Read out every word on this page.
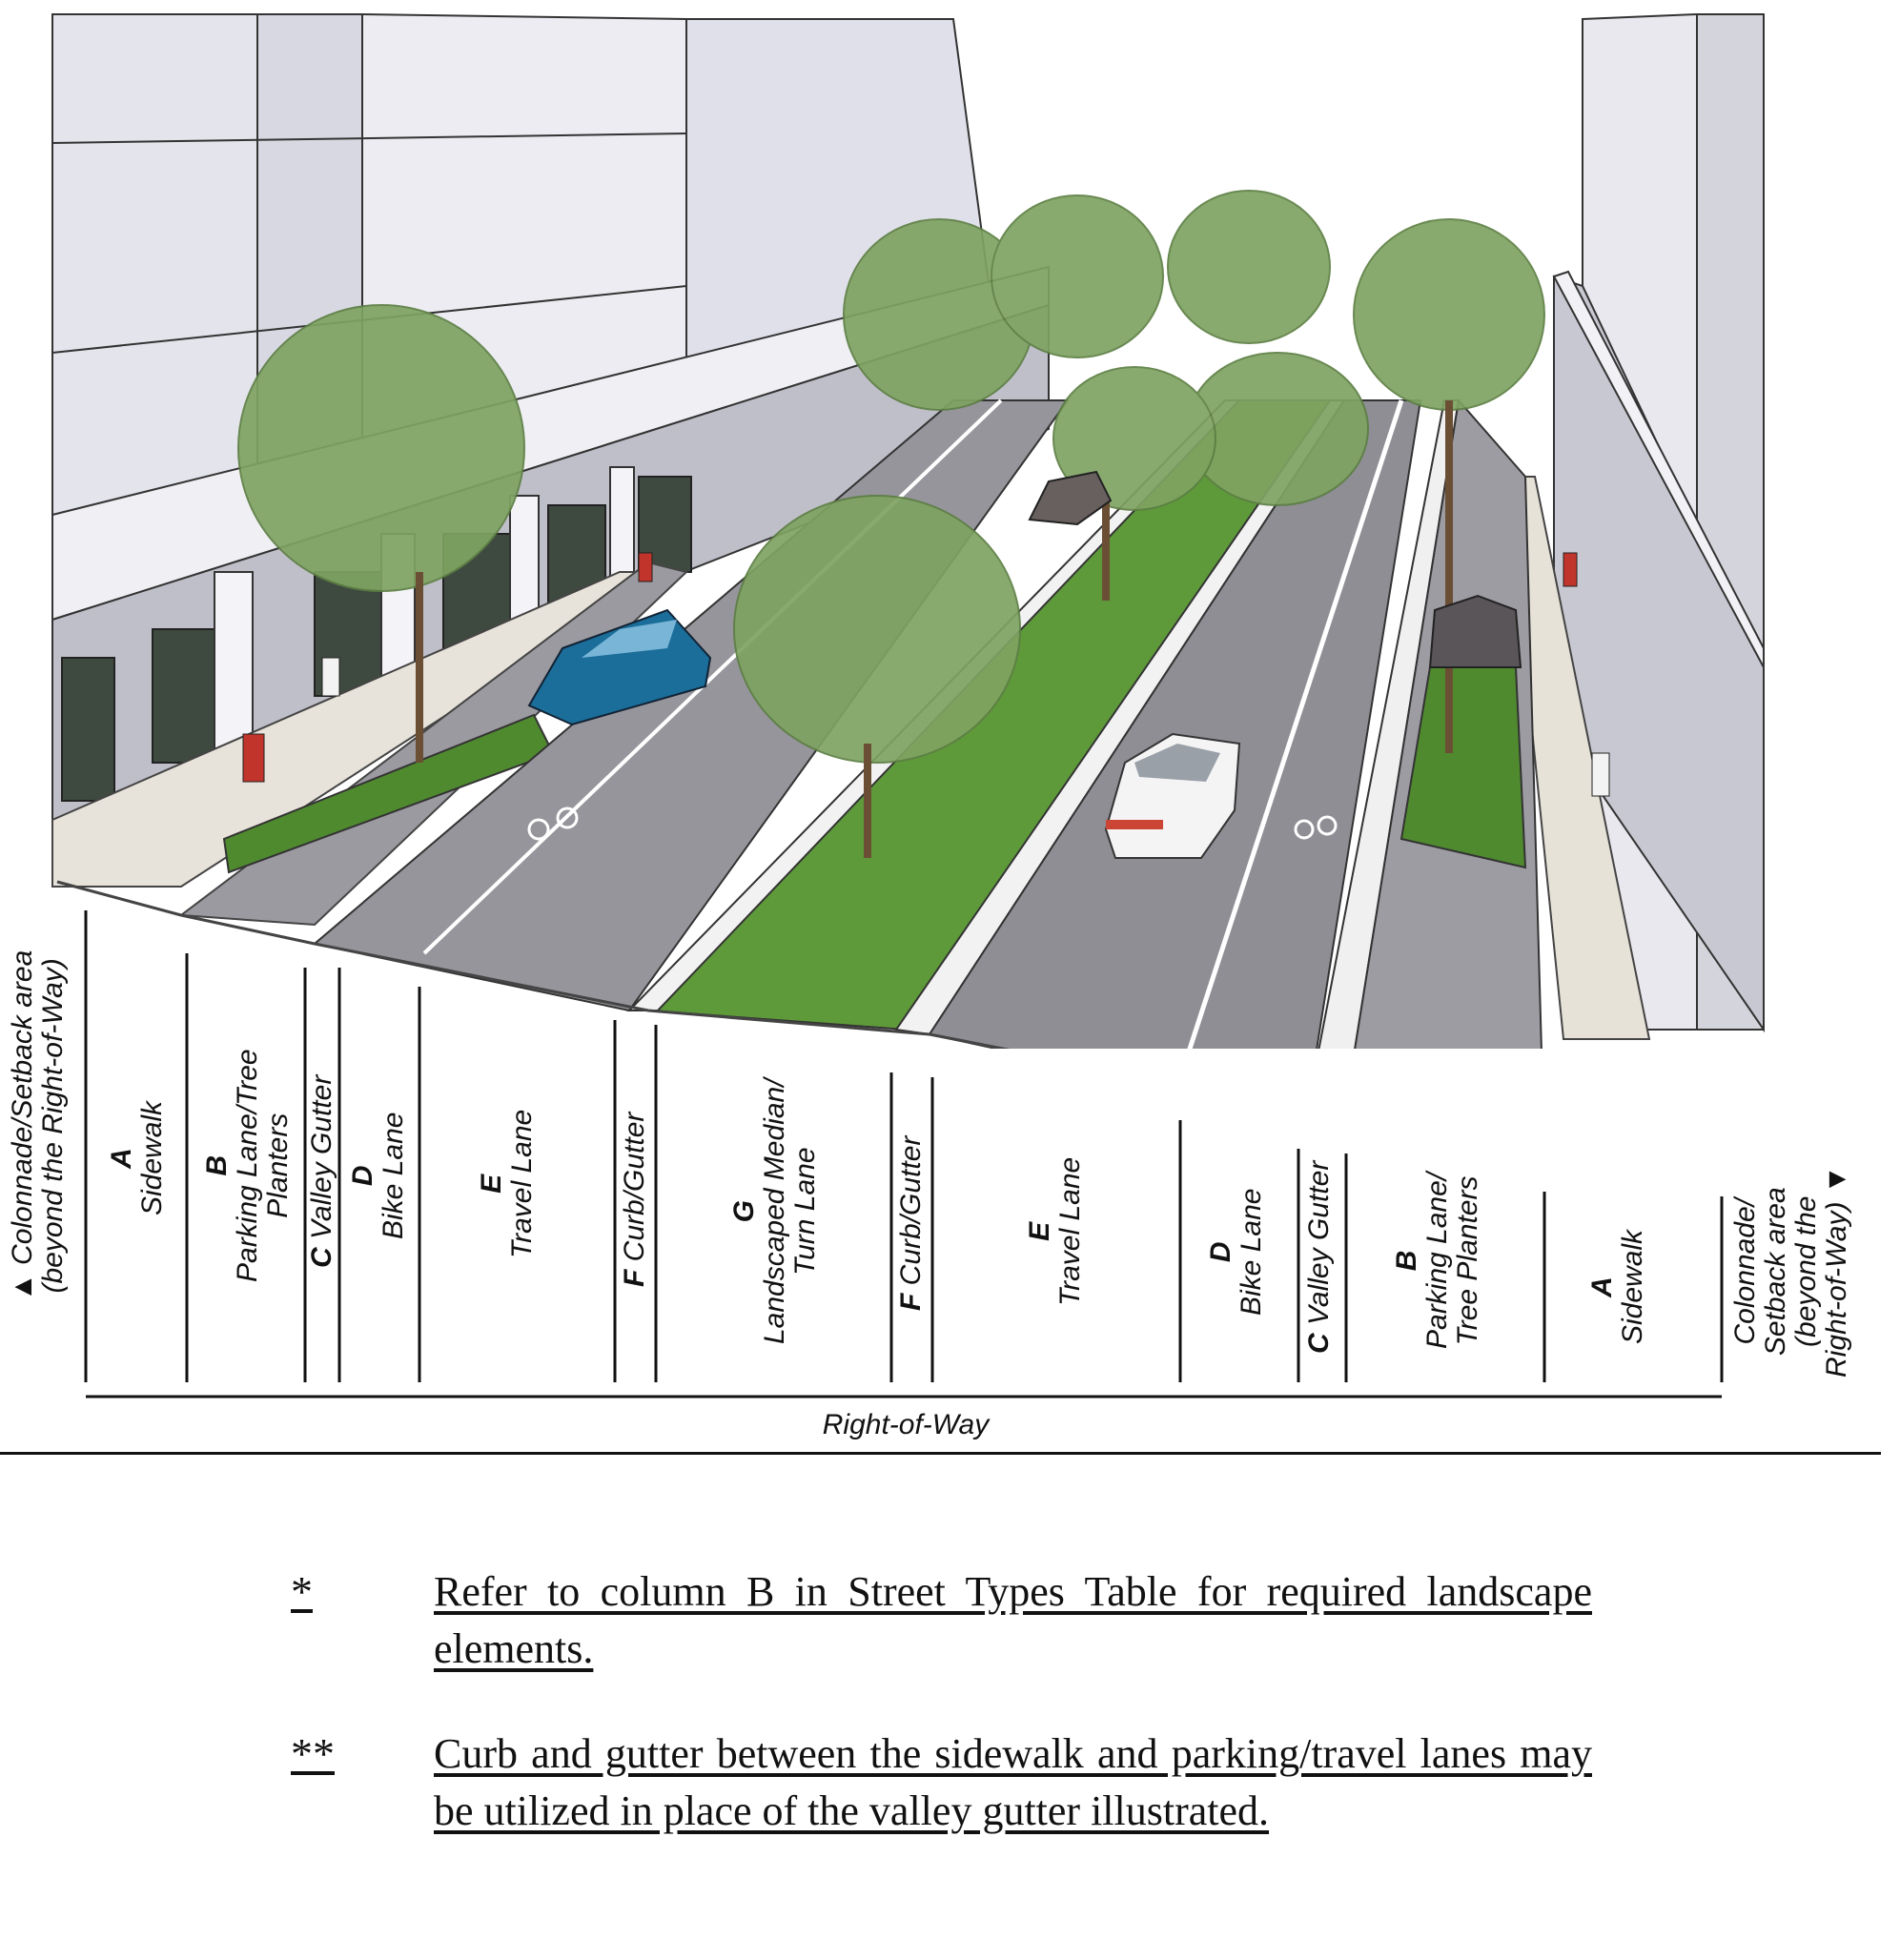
▲ Colonnade/Setback area (beyond the Right-of-Way) A Sidewalk B Parking Lane/Tree Planters
C Valley Gutter D Bike Lane E Travel Lane
F Curb/Gutter	G Landscaped Median/ Turn Lane
F Curb/Gutter	E Travel Lane	D Bike Lane
C Valley Gutter B Parking Lane/ Tree Planters	A Sidewalk	Colonnade/ Setback area (beyond the Right-of-Way) ▼
Right-of-Way
*	Refer to column B in Street Types Table for required landscape elements.
** Curb and gutter between the sidewalk and parking/travel lanes may be utilized in place of the valley gutter illustrated.
